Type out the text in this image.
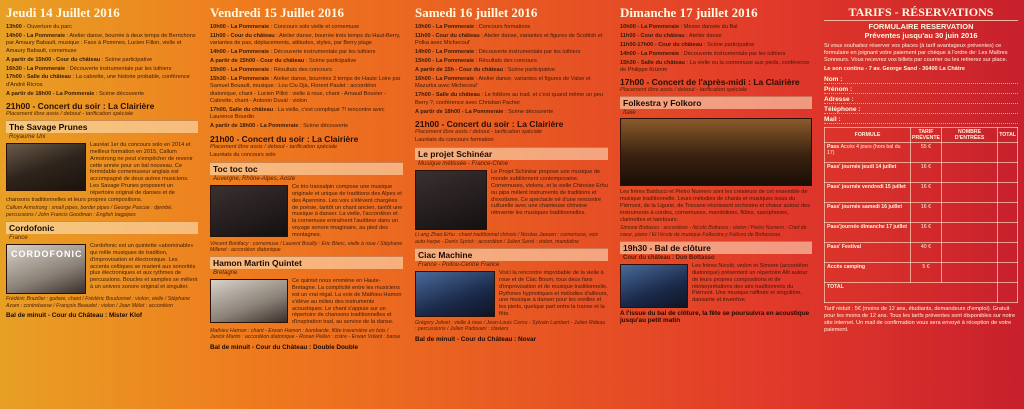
Jeudi 14 Juillet 2016
13h00 - Ouverture du parc
14h00 - La Pommeraie : Atelier danse, bourrée à deux temps de Berrichons par Amaury Babault, musique : Face à Pommes, Lucien Fillon, vielle et Amaury Babault, cornemuse
A partir de 15h00 - Cour du château : Scène participative
16h30 - La Pommeraie : Découverte instrumentale par les luthiers
17h00 - Salle du château : La cabrette, une histoire probable, conférence d'André Ricros
A partir de 18h00 - La Pommeraie : Scène découverte
21h00 - Concert du soir : La Clairière
Placement libre assis / debout - tarification spéciale
The Savage Prunes
Royaume Uni
Lauréat 1er du concours solo en 2014 et meilleur formation en 2015, Callum Armstrong ne peut s'empêcher de revenir cette année pour un bal nouveau. Ce formidable cornemuseur anglais est accompagné de deux autres musiciens. Les Savage Prunes proposent un répertoire original de danses et de chansons traditionnelles et leurs propres compositions.
Callum Armstrong : small pipes, border pipes / George Pascoe : djembé, percussions / John Francis Goodman : English bagpipes
Cordofonic
France
CORDOFONIC
Cordofonic est un quintette «abominable» qui mêle musiques de tradition, d'improvisation et électronique. Les accents celtiques se marient aux sonorités plus électroniques et aux rythmes de percussions. Boucles et samples se mêlent à un univers sonore original et singulier.
Frédéric Brazilier : guitare, chant / Frédéric Boudonnet : violon, vielle / Stéphane Azam : contrebasse / François Beaudet : violon / Joan Mélet : accordéon
Bal de minuit - Cour du Château : Mister Klof
Vendredi 15 Juillet 2016
10h00 - La Pommeraie : Concours solo vielle et cornemuse
11h00 - Cour du château : Atelier danse, bourrée trois temps du Haut-Berry, variantes de pas, déplacements, attitudes, styles, par Berry plage
14h00 - La Pommeraie : Découverte instrumentale par les luthiers
A partir de 15h00 - Cour du château : Scène participative
15h00 - La Pommeraie : Résultats des concours
15h30 - La Pommeraie : Atelier danse, bourrées 3 temps de Haute Loire par Samuel Bouault, musique : Lou Ciu Djà, Florent Paulet : accordéon diatonique, chant - Lucien Pillot : vielle à roue, chant - Arnaud Bouvier - Cabrette, chant - Antonin Duval : violon
17h00, Salle du château : La vielle, c'est compliqué ?! rencontre avec Laurence Bourdin
A partir de 18h00 - La Pommeraie : Scène découverte
21h00 - Concert du soir : La Clairière
Placement libre assis / debout - tarification spéciale
Lauréats du concours solo
Toc toc toc
Auvergne, Rhône-Alpes, Aoste
Ce trio transalpin compose une musique originale et unique de traditions des Alpes et des Apennins. Les voix s'élèvent chargées de poésie, tantôt un chant ancien, tantôt une musique à danser. La vielle, l'accordéon et la cornemuse entraînent l'auditeur dans un voyage sonore imaginaire, au pied des montagnes.
Vincent Bonifacy : cornemuse / Laurent Bouilly : Eric Blanc, vielle à roue / Stéphane Milleret : accordéon diatonique
Hamon Martin Quintet
Bretagne
Ce quintet nous emmène en Haute-Bretagne. La complicité entre les musiciens est un vrai régal. La voix de Mathieu Hamon s'élève au milieu des instruments acoustiques. Le chant s'appuie sur un répertoire de chansons traditionnelles et d'inspiration trad, au service de la danse.
Mathieu Hamon : chant - Erwan Hamon : bombarde, flûte traversière en bois / Janick Martin : accordéon diatonique - Ronan Pellen : cistre - Erwan Volant : basse
Bal de minuit - Cour du Château : Double Double
Samedi 16 juillet 2016
10h00 - La Pommeraie : Concours formations
11h00 - Cour du château : Atelier danse, variantes et figures de Scottish et Polka avec Michecoul'
14h00 - La Pommeraie : Découverte instrumentale par les luthiers
15h00 - La Pommeraie : Résultats des concours
A partir de 15h - Cour du château : Scène participative
16h00 - La Pommeraie : Atelier danse, variantes et figures de Valse et Mazurka avec Michecoul'
17h00 - Salle du château : Le folklore au trad, et c'est quand même un peu Berry ?, conférence avec Christian Pacher
A partir de 18h00 - La Pommeraie : Scène découverte
21h00 - Concert du soir : La Clairière
Placement libre assis / debout - tarification spéciale
Lauréats du concours formation
Le projet Schinéar
Musique métissée - France-Chine
Le Projet Schinéar propose une musique de monde subtilement contemporaine. Cornemuses, violons, et la vielle Chinoise Erhu ou pipa mêlent instruments de traditions et d'exotisme. Ce spectacle né d'une rencontre culturelle avec une chanteuse chinoise réinvente les musiques traditionnelles.
Li ang Zhao Erhu : chant traditionnel chinois / Nicolas Jaouen : cornemuse, voix auto-harpe - Denis Sprick : accordéon / Julien Serré : violon, mandoline
Ciac Machine
France - Poitou-Centre France
Voici la rencontre improbable de la vielle à roue et de Ciac Boum, tous deux fans d'improvisation et de musique traditionnelle. Rythmes hypnotiques et mélodies d'ailleurs, une musique à danser pour les oreilles et les pieds, quelque part entre la transe et la fête.
Grégory Jolivet : vielle à roue / Jean-Louis Cornu - Sylvain Lambert - Julien Rideau : percussions / Julien Padovani : claviers
Bal de minuit - Cour du Château : Novar
Dimanche 17 juillet 2016
10h00 - La Pommeraie : Messe dansée du Bal
11h00 - Cour du château : Atelier danse
11h00-17h00 - Cour du château : Scène participative
14h00 - La Pommeraie : Découverte instrumentale par les luthiers
15h30 - Salle du château : La vielle ou la cornemuse aux pieds, conférence de Philippe Krümm
17h00 - Concert de l'après-midi : La Clairière
Placement libre assis / debout - tarification spéciale
Folkestra y Folkoro
Italie
Les frères Balducci et Pietro Numero sont les créateurs de cet ensemble de musique traditionnelle. Leurs mélodies de chants et musiques issus du Piémont, de la Ligurie, de Toscane réunissent orchestre et chœur autour des instruments à cordes, cornemuses, mandolines, flûtes, saxophones, clarinettes et tambours.
Simone Bottasso : accordéon - Nicolò Bottasso : violon / Pietro Numero : Chef de cœur, piano / Et l'école de musique Folkestra y Folkoro de Bottasoroa
19h30 - Bal de clôture
Cour du château : Duo Bottasso
Les frères Nicolò, violon et Simone (accordéon diatonique) présentent un répertoire Alti autour de leurs propres compositions et de réinterprétations des airs traditionnels du Piémont. Une musique raffinée et singulière, dansante et inventive.
A l'issue du bal de clôture, la fête se poursuivra en acoustique jusqu'au petit matin
TARIFS - RÉSERVATIONS
FORMULAIRE RESERVATION
Préventes jusqu'au 30 juin 2016
Si vous souhaitez réserver vos places (à tarif avantageux préventes) ce formulaire en joignant votre paiement par chèque à l'ordre de: Les Maîtres Sonneurs. Vous recevrez vos billets par courrier ou les retirerez sur place.
Le son continu - 7 av. George Sand - 36400 La Châtre
Nom :
Prénom :
Adresse :
Téléphone :
Mail :
FORMULE	TARIF PRÉVENTE	NOMBRE D'ENTRÉES	TOTAL
Pass Accès 4 jours (hors bal du 17)	55 €		
Pass' journée jeudi 14 juillet	16 €		
Pass' journée vendredi 15 juillet	16 €		
Pass' journée samedi 16 juillet	16 €		
Pass'journée dimanche 17 juillet	16 €		
Pass' Festival	40 €		
Accès camping	5 €		
TOTAL			
Tarif réduit : 5€ (moins de 12 ans, étudiants, demandeurs d'emploi). Gratuit pour les moins de 12 ans. Tous les tarifs préventes sont disponibles sur notre site internet. Un mail de confirmation vous sera envoyé à réception de votre paiement.
